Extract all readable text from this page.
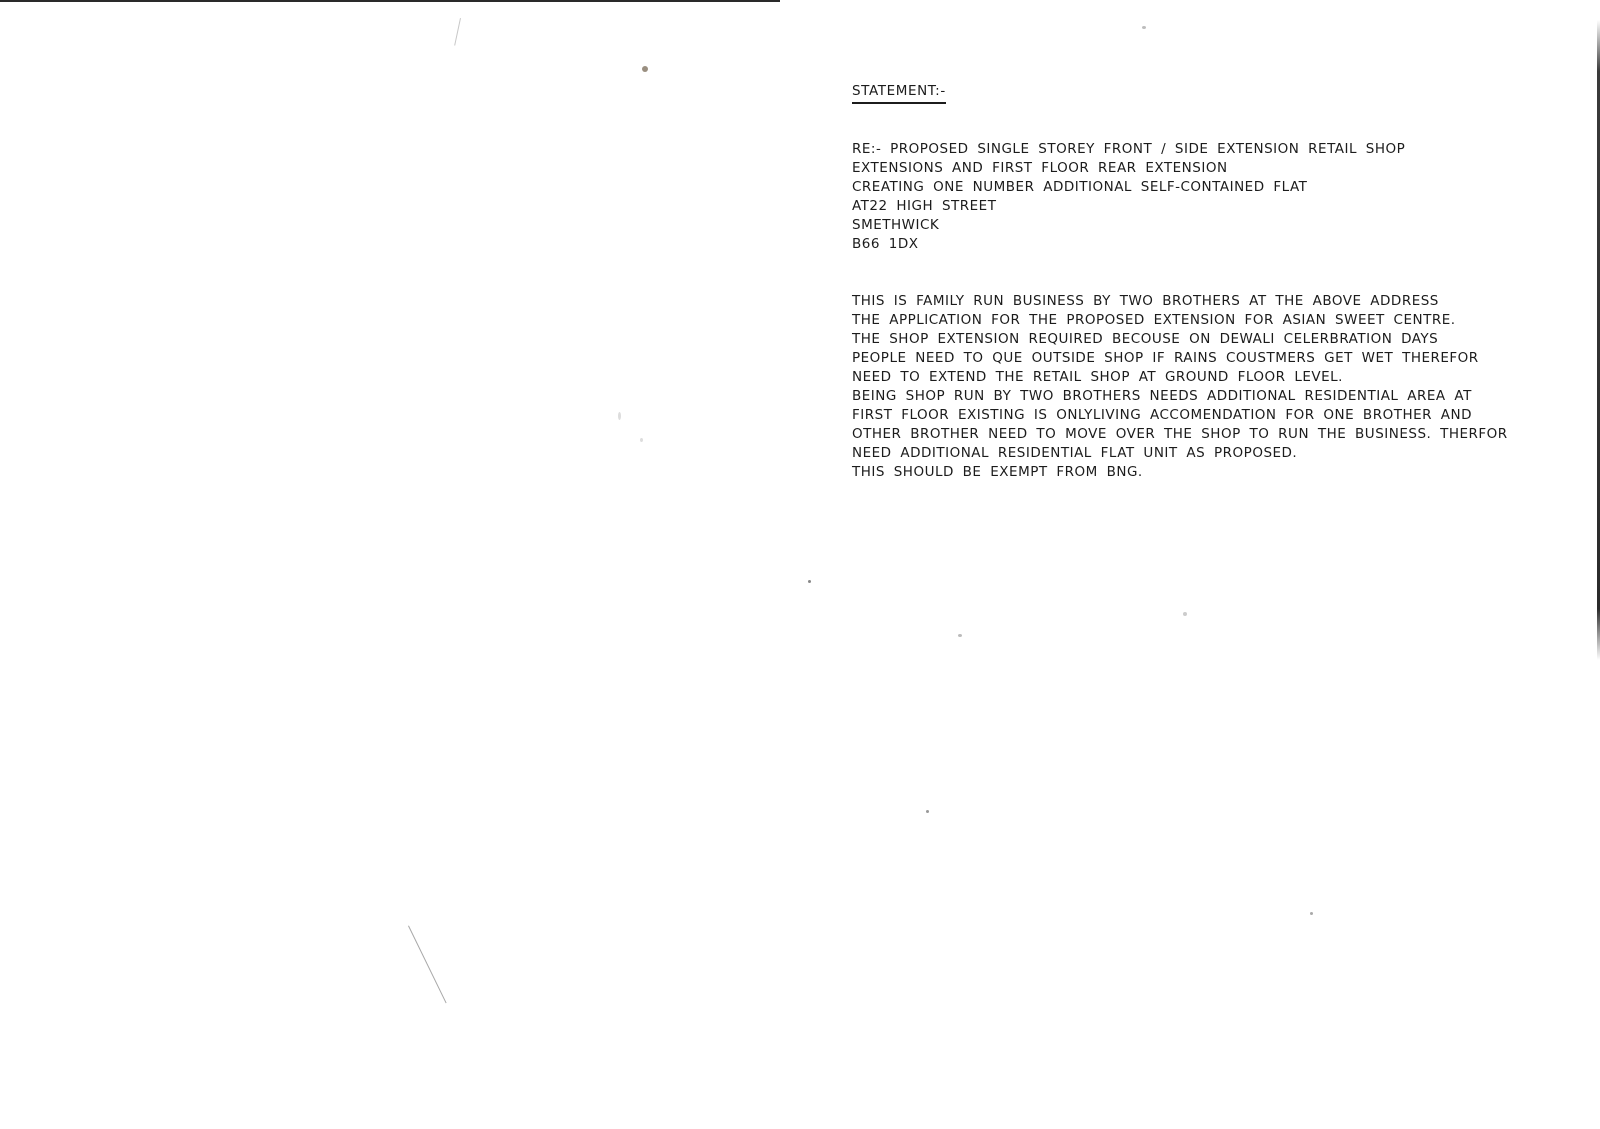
STATEMENT:-
RE:- PROPOSED SINGLE STOREY FRONT / SIDE EXTENSION RETAIL SHOP
EXTENSIONS AND FIRST FLOOR REAR EXTENSION
CREATING ONE NUMBER ADDITIONAL SELF-CONTAINED FLAT
AT22 HIGH STREET
SMETHWICK
B66 1DX
THIS IS FAMILY RUN BUSINESS BY TWO BROTHERS AT THE ABOVE ADDRESS
THE APPLICATION FOR THE PROPOSED EXTENSION FOR ASIAN SWEET CENTRE.
THE SHOP EXTENSION REQUIRED BECOUSE ON DEWALI CELERBRATION DAYS
PEOPLE NEED TO QUE OUTSIDE SHOP IF RAINS COUSTMERS GET WET THEREFOR
NEED TO EXTEND THE RETAIL SHOP AT GROUND FLOOR LEVEL.
BEING SHOP RUN BY TWO BROTHERS NEEDS ADDITIONAL RESIDENTIAL AREA AT
FIRST FLOOR EXISTING IS ONLYLIVING ACCOMENDATION FOR ONE BROTHER AND
OTHER BROTHER NEED TO MOVE OVER THE SHOP TO RUN THE BUSINESS. THERFOR
NEED ADDITIONAL RESIDENTIAL FLAT UNIT AS PROPOSED.
THIS SHOULD BE EXEMPT FROM BNG.
